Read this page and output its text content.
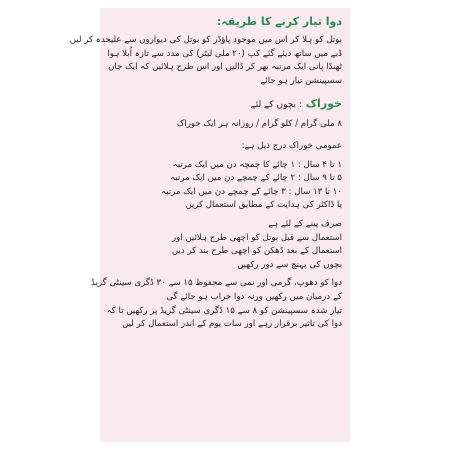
دوا تیار کرنے کا طریقہ:

بوتل کو ہلا کر اس میں موجود پاؤڈر کو بوتل کی دیواروں سے علیحدہ کر لیں

ڈبے میں ساتھ دیئے گئے کپ (۲۰ ملی لیٹر) کی مدد سے تازہ اُبلا ہوا

ٹھنڈا پانی ایک مرتبہ بھر کر ڈالیں اور اس طرح ہلائیں کہ ایک جان

سسپینشن تیار ہو جائے

خوراک : بچوں کے لئے

۸ ملی گرام / کلو گرام / روزانہ ہر ایک خوراک

عمومی خوراک درج ذیل ہے:

۱ تا ۴ سال : ۱ چائے کا چمچہ دن میں ایک مرتبہ

۵ تا ۹ سال : ۲ چائے کے چمچے دن میں ایک مرتبہ

۱۰ تا ۱۳ سال : ۳ چائے کے چمچے دن میں ایک مرتبہ

یا ڈاکٹر کی ہدایت کے مطابق استعمال کریں

صرف پینے کے لئے ہے

استعمال سے قبل بوتل کو اچھی طرح ہلائیں اور

استعمال کے بعد ڈھکن کو اچھی طرح بند کر دیں

بچوں کی پہنچ سے دور رکھیں

دوا کو دھوپ، گرمی اور نمی سے محفوظ ۱۵ سے ۳۰ ڈگری سینٹی گریڈ

کے درمیان میں رکھیں ورنہ دوا خراب ہو جائے گی

تیار شدہ سسپینشن کو ۸ سے ۱۵ ڈگری سینٹی گریڈ پر رکھیں تا کہ

دوا کی تاثیر برقرار رہے اور سات یوم کے اندر استعمال کر لیں
